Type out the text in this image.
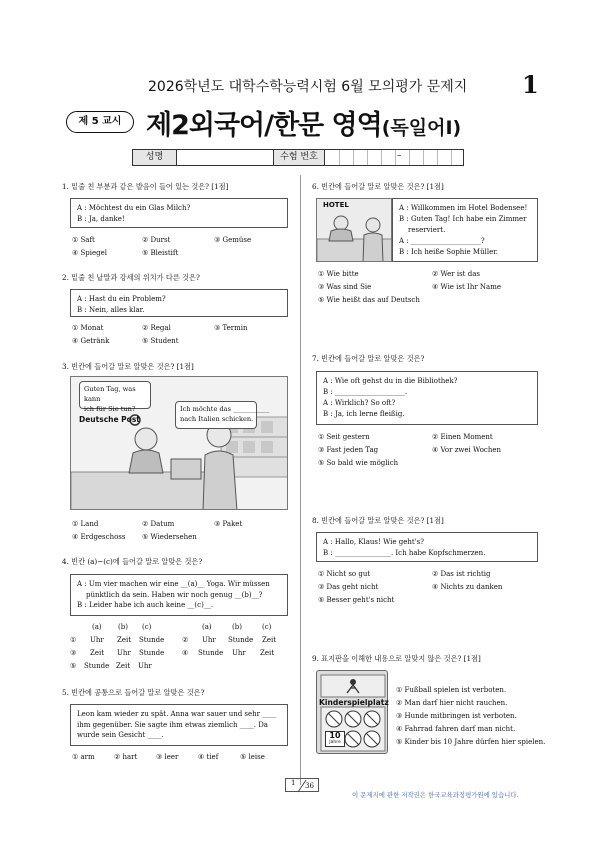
2026학년도 대학수학능력시험 6월 모의평가 문제지 1
제 5 교시 제2외국어/한문 영역(독일어Ⅰ)
성명	수험 번호	–
1. 밑줄 친 부분과 같은 발음이 들어 있는 것은? [1점]
A : Möchtest du ein Glas Milch?
B : Ja, danke!
① Saft	② Durst	③ Gemüse
④ Spiegel	⑤ Bleistift
2. 밑줄 친 낱말과 강세의 위치가 다른 것은?
A : Hast du ein Problem?
B : Nein, alles klar.
① Monat	② Regal	③ Termin
④ Getränk	⑤ Student
3. 빈칸에 들어갈 말로 알맞은 것은? [1점]
Guten Tag, was kann
ich für Sie tun?
Deutsche Post
Ich möchte das ___________
nach Italien schicken.
① Land	② Datum	③ Paket
④ Erdgeschoss ⑤ Wiedersehen
4. 빈칸 (a)~(c)에 들어갈 말로 알맞은 것은?
A : Um vier machen wir eine __(a)__ Yoga. Wir müssen
pünktlich da sein. Haben wir noch genug __(b)__?
B : Leider habe ich auch keine __(c)__.
(a) (b) (c)	(a)	(b)	(c)
① Uhr Zeit Stunde	② Uhr Stunde Zeit
③ Zeit Uhr Stunde	④ Stunde Uhr Zeit
⑤ Stunde Zeit Uhr
5. 빈칸에 공통으로 들어갈 말로 알맞은 것은?
Leon kam wieder zu spät. Anna war sauer und sehr ____
ihm gegenüber. Sie sagte ihm etwas ziemlich ____. Da
wurde sein Gesicht ____.
① arm	② hart	③ leer	④ tief	⑤ leise
6. 빈칸에 들어갈 말로 알맞은 것은? [1점]
HOTEL	A : Willkommen im Hotel Bodensee!
B : Guten Tag! Ich habe ein Zimmer
reserviert.
A : ____________________?
B : Ich heiße Sophie Müller.
① Wie bitte	② Wer ist das
③ Was sind Sie	④ Wie ist Ihr Name
⑤ Wie heißt das auf Deutsch
7. 빈칸에 들어갈 말로 알맞은 것은?
A : Wie oft gehst du in die Bibliothek?
B : ____________________.
A : Wirklich? So oft?
B : Ja, ich lerne fleißig.
① Seit gestern	② Einen Moment
③ Fast jeden Tag	④ Vor zwei Wochen
⑤ So bald wie möglich
8. 빈칸에 들어갈 말로 알맞은 것은? [1점]
A : Hallo, Klaus! Wie geht's?
B : ________________. Ich habe Kopfschmerzen.
① Nicht so gut	② Das ist richtig
③ Das geht nicht	④ Nichts zu danken
⑤ Besser geht's nicht
9. 표지판을 이해한 내용으로 알맞지 않은 것은? [1점]
Kinderspielplatz
10
Jahre
① Fußball spielen ist verboten.
② Man darf hier nicht rauchen.
③ Hunde mitbringen ist verboten.
④ Fahrrad fahren darf man nicht.
⑤ Kinder bis 10 Jahre dürfen hier spielen.
1 36
이 문제지에 관한 저작권은 한국교육과정평가원에 있습니다.
